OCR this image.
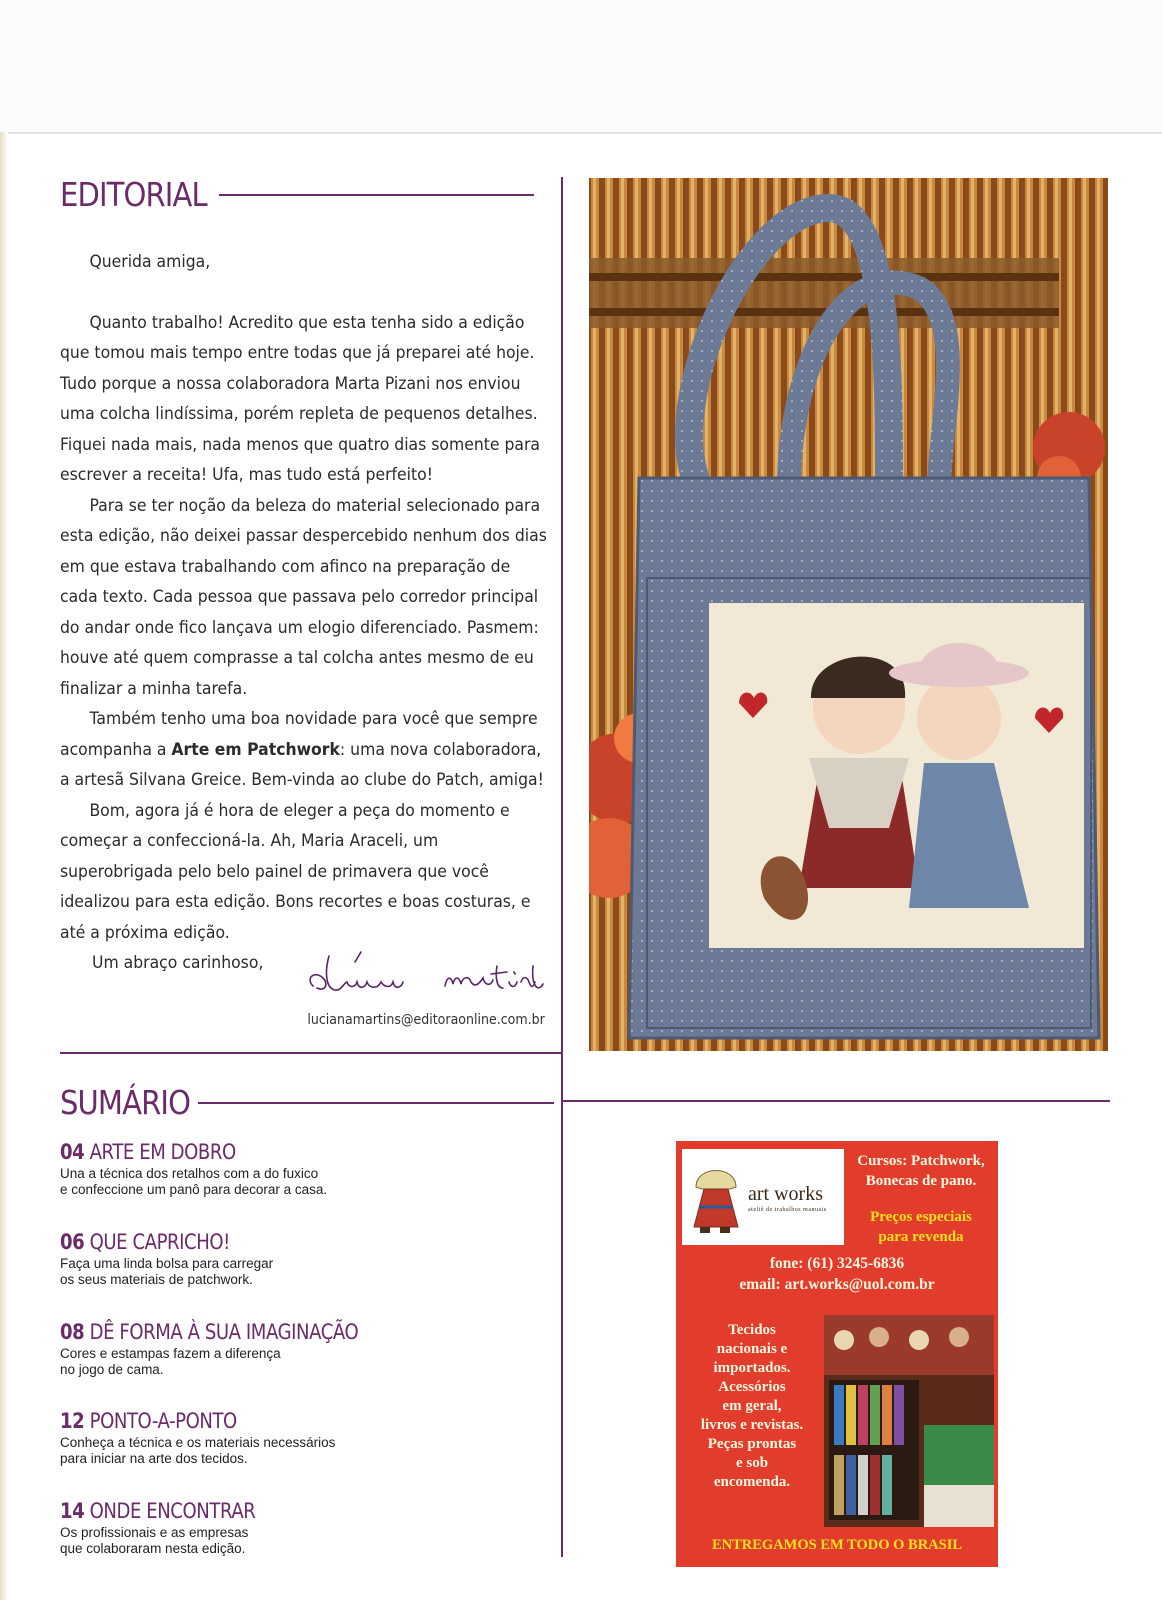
EDITORIAL

Querida amiga,

Quanto trabalho! Acredito que esta tenha sido a edição que tomou mais tempo entre todas que já preparei até hoje. Tudo porque a nossa colaboradora Marta Pizani nos enviou uma colcha lindíssima, porém repleta de pequenos detalhes. Fiquei nada mais, nada menos que quatro dias somente para escrever a receita! Ufa, mas tudo está perfeito!

Para se ter noção da beleza do material selecionado para esta edição, não deixei passar despercebido nenhum dos dias em que estava trabalhando com afinco na preparação de cada texto. Cada pessoa que passava pelo corredor principal do andar onde fico lançava um elogio diferenciado. Pasmem: houve até quem comprasse a tal colcha antes mesmo de eu finalizar a minha tarefa.

Também tenho uma boa novidade para você que sempre acompanha a Arte em Patchwork: uma nova colaboradora, a artesã Silvana Greice. Bem-vinda ao clube do Patch, amiga!

Bom, agora já é hora de eleger a peça do momento e começar a confeccioná-la. Ah, Maria Araceli, um superobrigada pelo belo painel de primavera que você idealizou para esta edição. Bons recortes e boas costuras, e até a próxima edição.

Um abraço carinhoso,
lucianamartins@editoraonline.com.br
SUMÁRIO
04 ARTE EM DOBRO
Una a técnica dos retalhos com a do fuxico
e confeccione um panô para decorar a casa.
06 QUE CAPRICHO!
Faça uma linda bolsa para carregar
os seus materiais de patchwork.
08 DÊ FORMA À SUA IMAGINAÇÃO
Cores e estampas fazem a diferença
no jogo de cama.
12 PONTO-A-PONTO
Conheça a técnica e os materiais necessários
para iniciar na arte dos tecidos.
14 ONDE ENCONTRAR
Os profissionais e as empresas
que colaboraram nesta edição.
art works
ateliê de trabalhos manuais
Cursos: Patchwork,
Bonecas de pano.
Preços especiais
para revenda
fone: (61) 3245-6836
email: art.works@uol.com.br
Tecidos
nacionais e
importados.
Acessórios
em geral,
livros e revistas.
Peças prontas
e sob
encomenda.
ENTREGAMOS EM TODO O BRASIL
